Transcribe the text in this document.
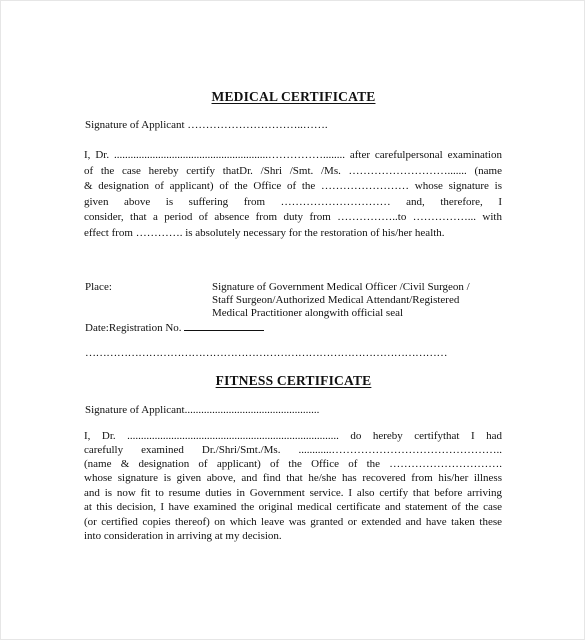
MEDICAL CERTIFICATE
Signature of Applicant …………………………..…….
I, Dr. ........................................................……………........ after carefulpersonal examination
of the case hereby certify thatDr. /Shri /Smt. /Ms. ………………………....... (name
& designation of applicant) of the Office of the …………………… whose signature is
given above is suffering from ………………………… and, therefore, I
consider, that a period of absence from duty from ……………..to ……………... with
effect from …………. is absolutely necessary for the restoration of his/her health.
Place:	Signature of Government Medical Officer /Civil Surgeon /
Staff Surgeon/Authorized Medical Attendant/Registered
Medical Practitioner alongwith official seal
Date:Registration No.
…………………………………………………………………………………………
FITNESS CERTIFICATE
Signature of Applicant.................................................
I, Dr. ............................................................................. do hereby certifythat I had
carefully examined Dr./Shri/Smt./Ms. ............………………………………………..
(name & designation of applicant) of the Office of the ………………………….
whose signature is given above, and find that he/she has recovered from his/her illness
and is now fit to resume duties in Government service. I also certify that before arriving
at this decision, I have examined the original medical certificate and statement of the case
(or certified copies thereof) on which leave was granted or extended and have taken these
into consideration in arriving at my decision.
